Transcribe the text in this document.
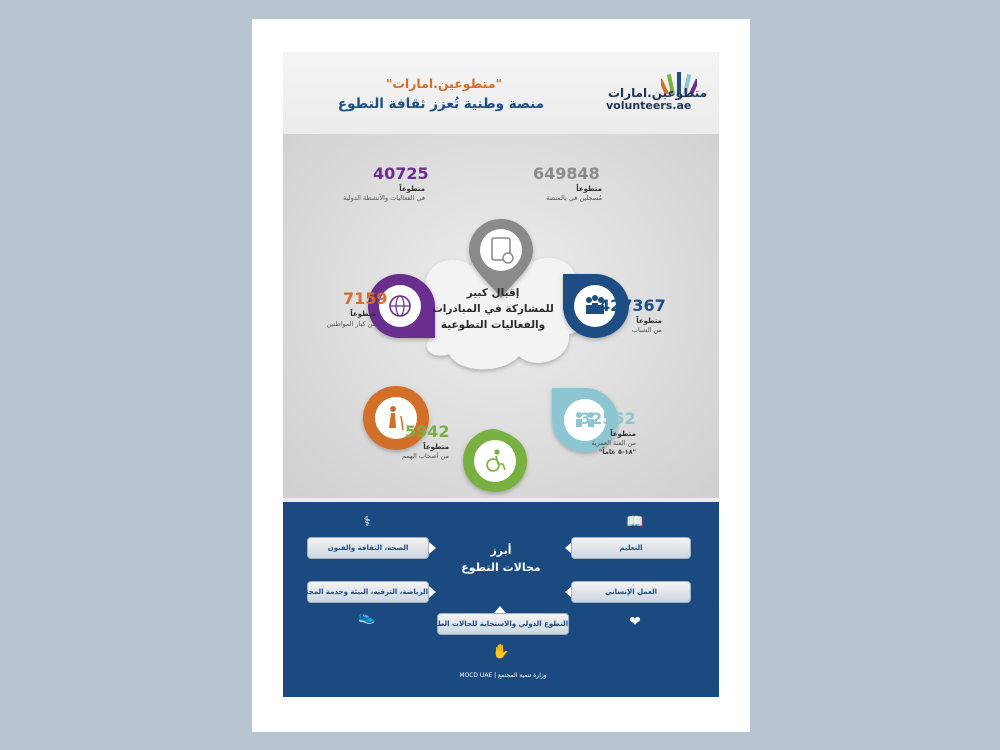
متطوعين.امارات
volunteers.ae
"متطوعين.امارات"
منصة وطنية تُعزز ثقافة التطوع
إقبال كبير
للمشاركة في المبادرات
والفعاليات التطوعية
649848
متطوعاً
مُسجلين في بالمنصة
40725
متطوعاً
في الفعاليات والأنشطة الدولية
427367
متطوعاً
من الشباب
7159
متطوعاً
من كبار المواطنين
32552
متطوعاً
من الفئة العمرية
"١٨-٥ عاماً"
5942
متطوعاً
من أصحاب الهمم
أبرز
مجالات التطوع
📖
⚕
❤
👟
✋
التعليم
الصحة، الثقافة والفنون
العمل الإنساني
الرياضة، الترفيه، البيئة وخدمة المجتمع
التطوع الدولي والاستجابة للحالات الطارئة
وزارة تنمية المجتمع | MOCD UAE
